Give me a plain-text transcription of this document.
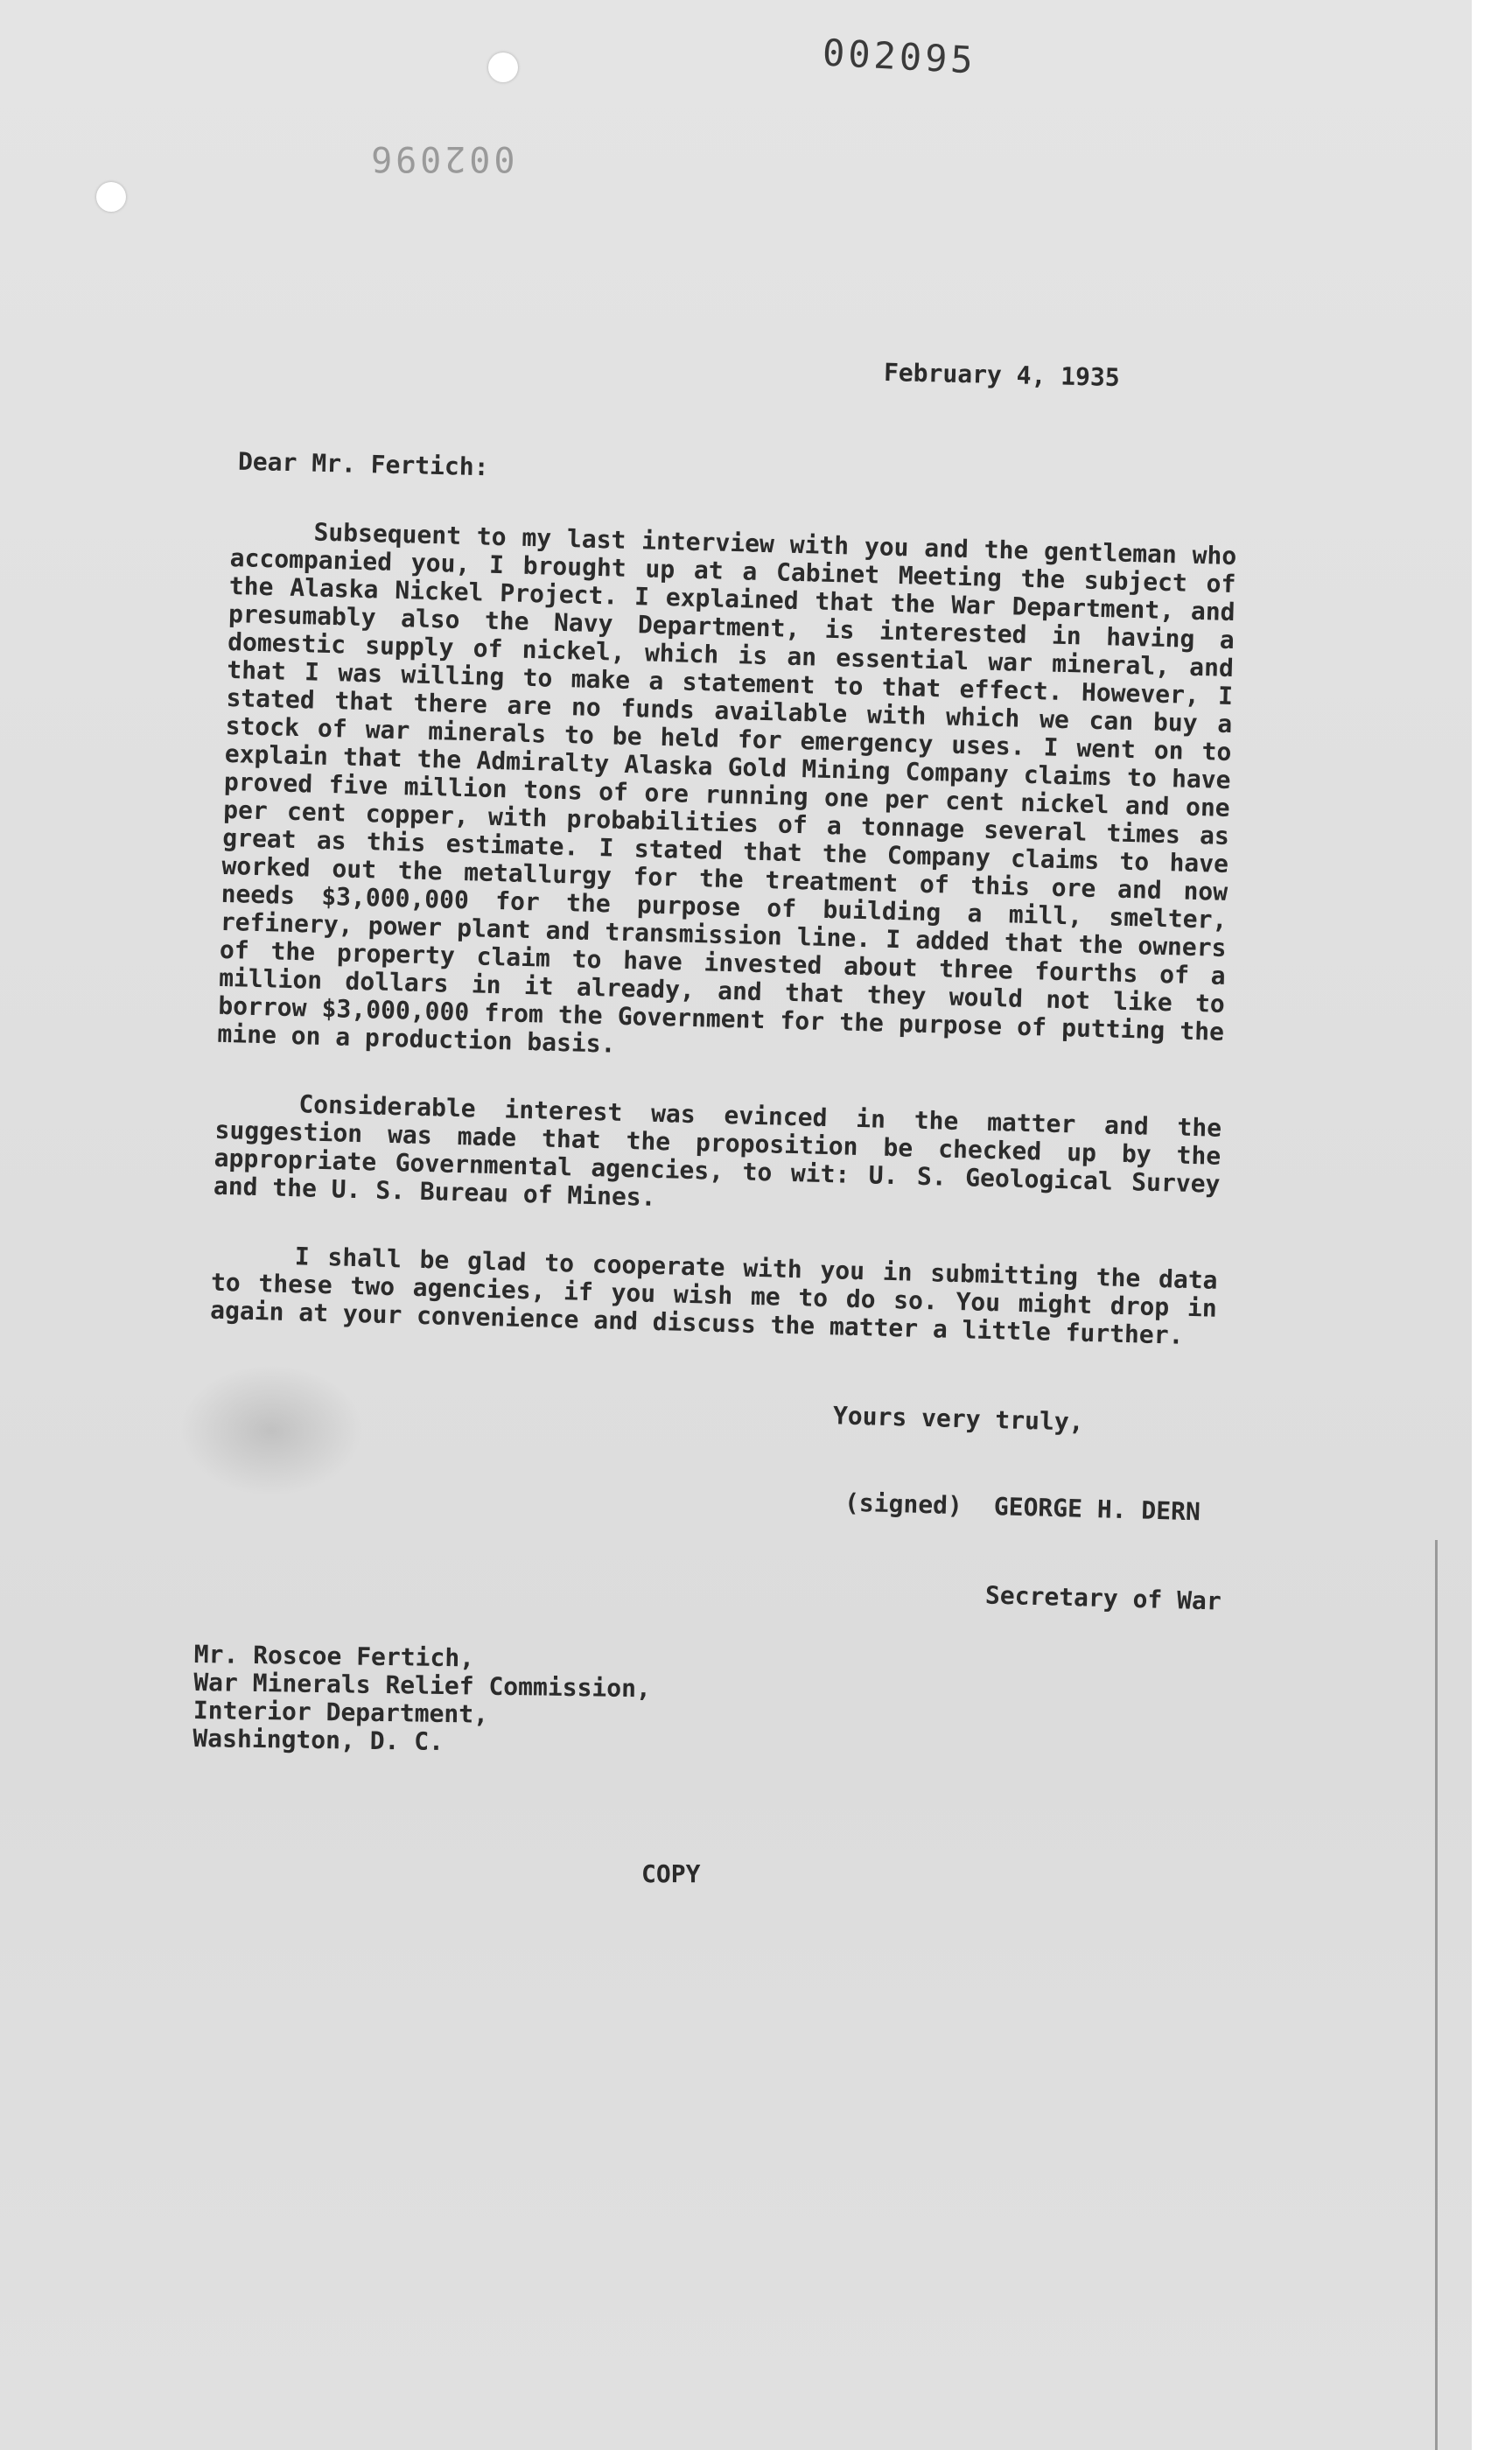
002095
002096
February 4, 1935
Dear Mr. Fertich:

Subsequent to my last interview with you and the gentleman who accompanied you, I brought up at a Cabinet Meeting the subject of the Alaska Nickel Project. I explained that the War Department, and presumably also the Navy Department, is interested in having a domestic supply of nickel, which is an essential war mineral, and that I was willing to make a statement to that effect. However, I stated that there are no funds available with which we can buy a stock of war minerals to be held for emergency uses. I went on to explain that the Admiralty Alaska Gold Mining Company claims to have proved five million tons of ore running one per cent nickel and one per cent copper, with probabilities of a tonnage several times as great as this estimate. I stated that the Company claims to have worked out the metallurgy for the treatment of this ore and now needs $3,000,000 for the purpose of building a mill, smelter, refinery, power plant and transmission line. I added that the owners of the property claim to have invested about three fourths of a million dollars in it already, and that they would not like to borrow $3,000,000 from the Government for the purpose of putting the mine on a production basis.

Considerable interest was evinced in the matter and the suggestion was made that the proposition be checked up by the appropriate Governmental agencies, to wit: U. S. Geological Survey and the U. S. Bureau of Mines.

I shall be glad to cooperate with you in submitting the data to these two agencies, if you wish me to do so. You might drop in again at your convenience and discuss the matter a little further.

Yours very truly,
(signed) GEORGE H. DERN
Secretary of War
Mr. Roscoe Fertich,
War Minerals Relief Commission,
Interior Department,
Washington, D. C.
COPY
